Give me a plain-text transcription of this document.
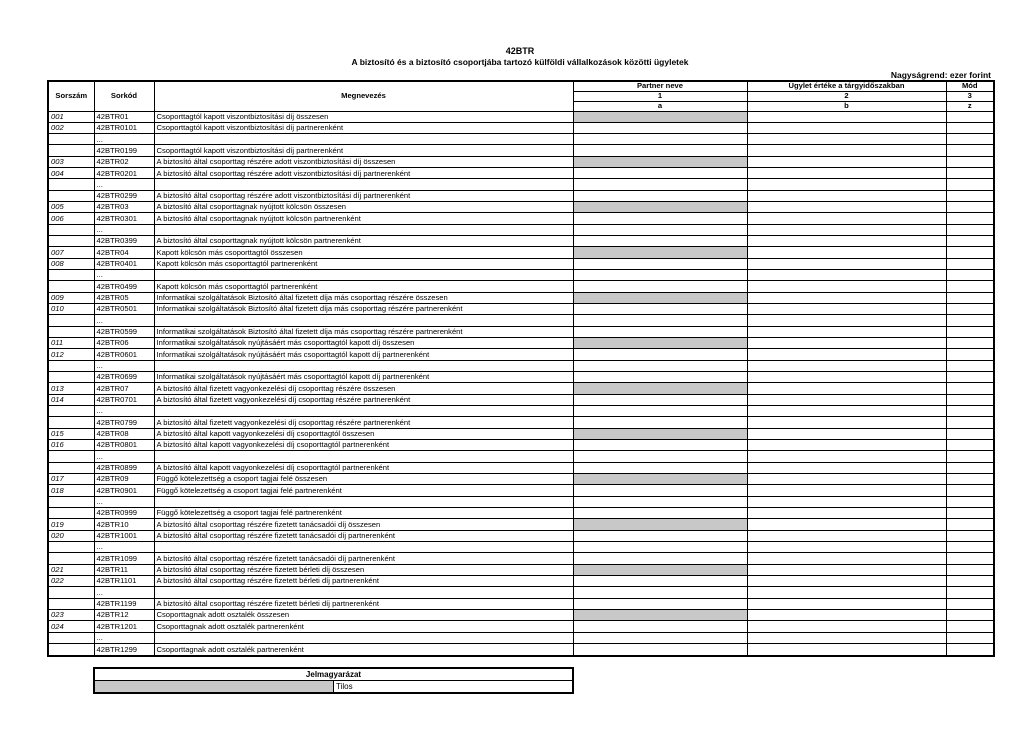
42BTR
A biztosító és a biztosító csoportjába tartozó külföldi vállalkozások közötti ügyletek
Nagyságrend: ezer forint
Sorszám	Sorkód	Megnevezés	Partner neve	Ügylet értéke a tárgyidőszakban	Mód
			1	2	3
			a	b	z
001	42BTR01	Csoporttagtól kapott viszontbiztosítási díj összesen			
002	42BTR0101	Csoporttagtól kapott viszontbiztosítási díj partnerenként			
	...				
	42BTR0199	Csoporttagtól kapott viszontbiztosítási díj partnerenként			
003	42BTR02	A biztosító által csoporttag részére adott viszontbiztosítási díj összesen			
004	42BTR0201	A biztosító által csoporttag részére adott viszontbiztosítási díj partnerenként			
	...				
	42BTR0299	A biztosító által csoporttag részére adott viszontbiztosítási díj partnerenként			
005	42BTR03	A biztosító által csoporttagnak nyújtott kölcsön összesen			
006	42BTR0301	A biztosító által csoporttagnak nyújtott kölcsön partnerenként			
	...				
	42BTR0399	A biztosító által csoporttagnak nyújtott kölcsön partnerenként			
007	42BTR04	Kapott kölcsön más csoporttagtól összesen			
008	42BTR0401	Kapott kölcsön más csoporttagtól partnerenként			
	...				
	42BTR0499	Kapott kölcsön más csoporttagtól partnerenként			
009	42BTR05	Informatikai szolgáltatások Biztosító által fizetett díja más csoporttag részére összesen			
010	42BTR0501	Informatikai szolgáltatások Biztosító által fizetett díja más csoporttag részére partnerenként			
	...				
	42BTR0599	Informatikai szolgáltatások Biztosító által fizetett díja más csoporttag részére partnerenként			
011	42BTR06	Informatikai szolgáltatások nyújtásáért más csoporttagtól kapott díj összesen			
012	42BTR0601	Informatikai szolgáltatások nyújtásáért más csoporttagtól kapott díj partnerenként			
	...				
	42BTR0699	Informatikai szolgáltatások nyújtásáért más csoporttagtól kapott díj partnerenként			
013	42BTR07	A biztosító által fizetett vagyonkezelési díj csoporttag részére összesen			
014	42BTR0701	A biztosító által fizetett vagyonkezelési díj csoporttag részére partnerenként			
	...				
	42BTR0799	A biztosító által fizetett vagyonkezelési díj csoporttag részére partnerenként			
015	42BTR08	A biztosító által kapott vagyonkezelési díj csoporttagtól összesen			
016	42BTR0801	A biztosító által kapott vagyonkezelési díj csoporttagtól partnerenként			
	...				
	42BTR0899	A biztosító által kapott vagyonkezelési díj csoporttagtól partnerenként			
017	42BTR09	Függő kötelezettség a csoport tagjai felé összesen			
018	42BTR0901	Függő kötelezettség a csoport tagjai felé partnerenként			
	...				
	42BTR0999	Függő kötelezettség a csoport tagjai felé partnerenként			
019	42BTR10	A biztosító által csoporttag részére fizetett tanácsadói díj összesen			
020	42BTR1001	A biztosító által csoporttag részére fizetett tanácsadói díj partnerenként			
	...				
	42BTR1099	A biztosító által csoporttag részére fizetett tanácsadói díj partnerenként			
021	42BTR11	A biztosító által csoporttag részére fizetett bérleti díj összesen			
022	42BTR1101	A biztosító által csoporttag részére fizetett bérleti díj partnerenként			
	...				
	42BTR1199	A biztosító által csoporttag részére fizetett bérleti díj partnerenként			
023	42BTR12	Csoporttagnak adott osztalék összesen			
024	42BTR1201	Csoporttagnak adott osztalék partnerenként			
	...				
	42BTR1299	Csoporttagnak adott osztalék partnerenként			
Jelmagyarázat
	Tilos
